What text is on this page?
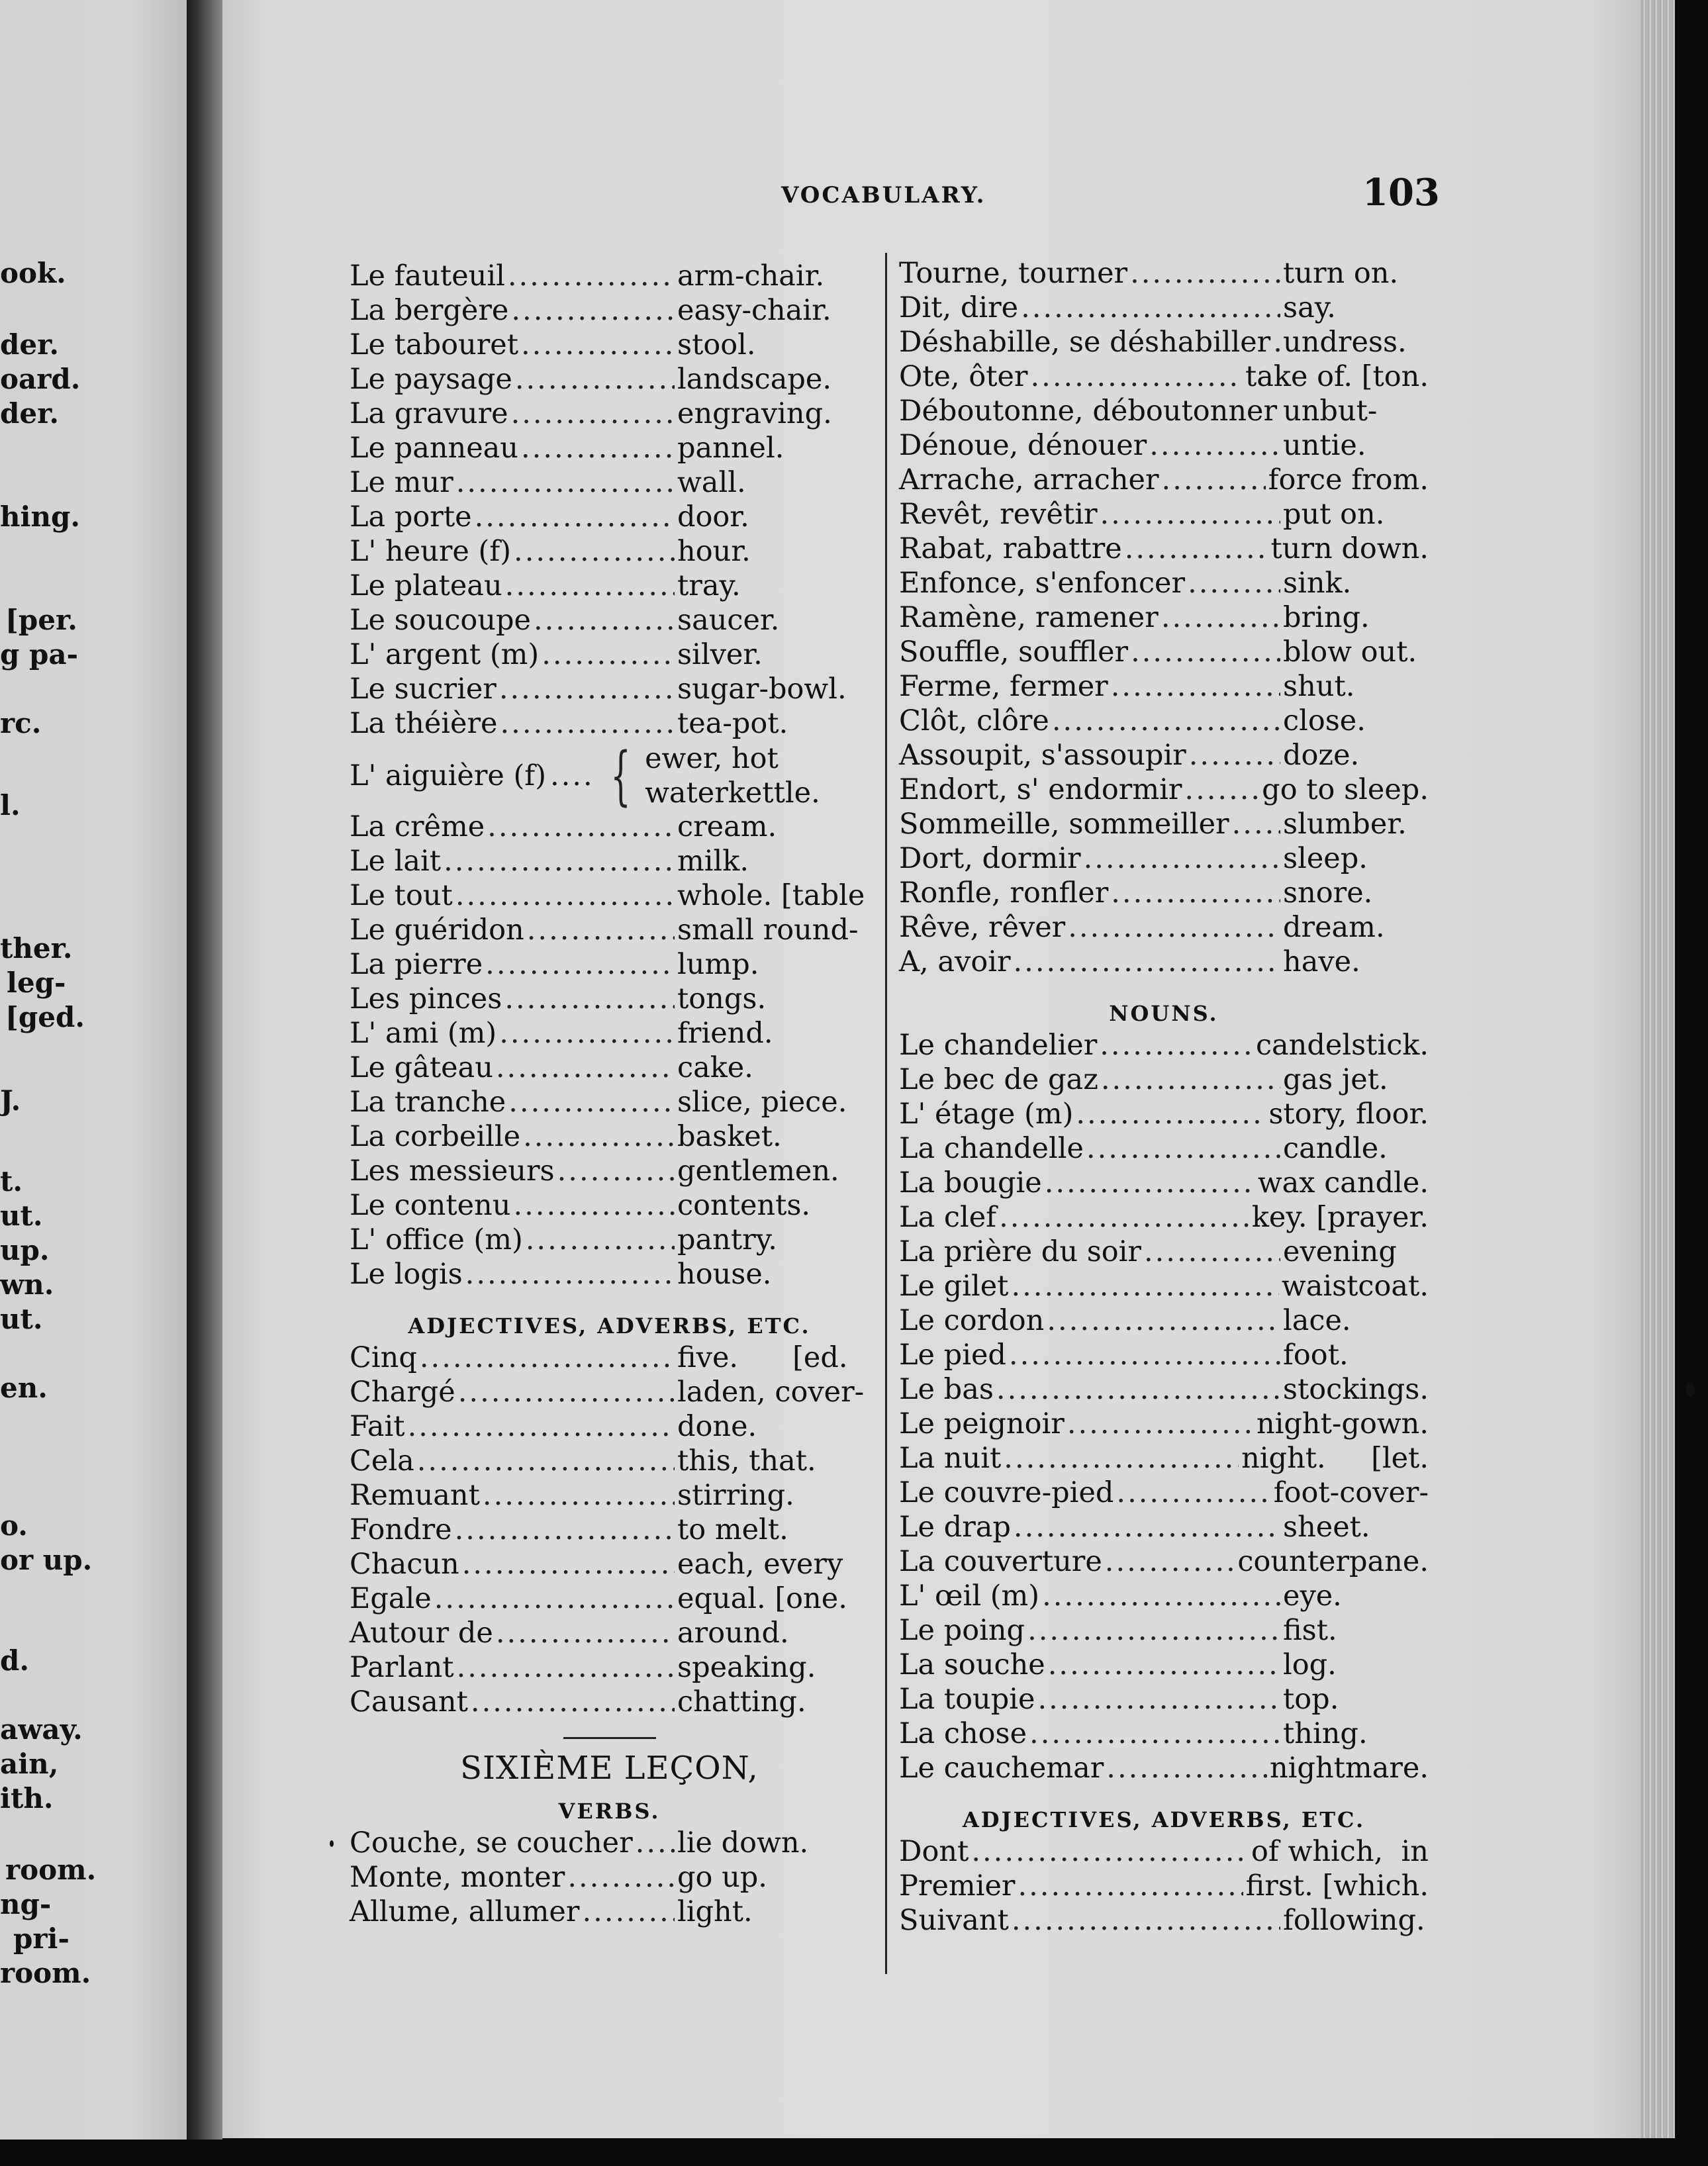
ook.
der.
oard.
der.
hing.
[per.
g pa-
rc.
l.
ther.
leg-
[ged.
J.
t.
ut.
up.
wn.
ut.
en.
o.
or up.
d.
away.
ain,
ith.
room.
ng-
pri-
room.
VOCABULARY.	103
Le fauteuil .....	arm-chair.
La bergère .....	easy-chair.
Le tabouret .....	stool.
Le paysage .....	landscape.
La gravure .....	engraving.
Le panneau .....	pannel.
Le mur .....	wall.
La porte .....	door.
L' heure (f) .....	hour.
Le plateau .....	tray.
Le soucoupe .....	saucer.
L' argent (m) .....	silver.
Le sucrier .....	sugar-bowl.
La théière .....	tea-pot.
L' aiguière (f) ..... { ewer, hot
waterkettle.
La crême .....	cream.
Le lait .....	milk.
Le tout .....	whole. [table
Le guéridon .....	small round-
La pierre .....	lump.
Les pinces .....	tongs.
L' ami (m) .....	friend.
Le gâteau .....	cake.
La tranche .....	slice, piece.
La corbeille .....	basket.
Les messieurs .....	gentlemen.
Le contenu .....	contents.
L' office (m) .....	pantry.
Le logis .....	house.
ADJECTIVES, ADVERBS, ETC.
Cinq .....	five.      [ed.
Chargé .....	laden, cover-
Fait .....	done.
Cela .....	this, that.
Remuant .....	stirring.
Fondre .....	to melt.
Chacun .....	each, every
Egale .....	equal. [one.
Autour de .....	around.
Parlant .....	speaking.
Causant .....	chatting.
SIXIÈME LEÇON,
VERBS.
Couche, se coucher ..... lie down.
Monte, monter .....	go up.
Allume, allumer .....	light.
Tourne, tourner .....	turn on.
Dit, dire .....	say.
Déshabille, se déshabiller ..... undress.
Ote, ôter .....	take of. [ton.
Déboutonne, déboutonner ..... unbut-
Dénoue, dénouer .....	untie.
Arrache, arracher .....	force from.
Revêt, revêtir .....	put on.
Rabat, rabattre .....	turn down.
Enfonce, s'enfoncer .....	sink.
Ramène, ramener .....	bring.
Souffle, souffler .....	blow out.
Ferme, fermer .....	shut.
Clôt, clôre .....	close.
Assoupit, s'assoupir .....	doze.
Endort, s' endormir .....	go to sleep.
Sommeille, sommeiller ..... slumber.
Dort, dormir .....	sleep.
Ronfle, ronfler .....	snore.
Rêve, rêver .....	dream.
A, avoir .....	have.
NOUNS.
Le chandelier .....	candelstick.
Le bec de gaz .....	gas jet.
L' étage (m) .....	story, floor.
La chandelle .....	candle.
La bougie .....	wax candle.
La clef .....	key. [prayer.
La prière du soir .....	evening
Le gilet .....	waistcoat.
Le cordon .....	lace.
Le pied .....	foot.
Le bas .....	stockings.
Le peignoir .....	night-gown.
La nuit .....	night.     [let.
Le couvre-pied .....	foot-cover-
Le drap .....	sheet.
La couverture .....	counterpane.
L' œil (m) .....	eye.
Le poing .....	fist.
La souche .....	log.
La toupie .....	top.
La chose .....	thing.
Le cauchemar .....	nightmare.
ADJECTIVES, ADVERBS, ETC.
Dont .....	of which,  in
Premier .....	first. [which.
Suivant .....	following.
